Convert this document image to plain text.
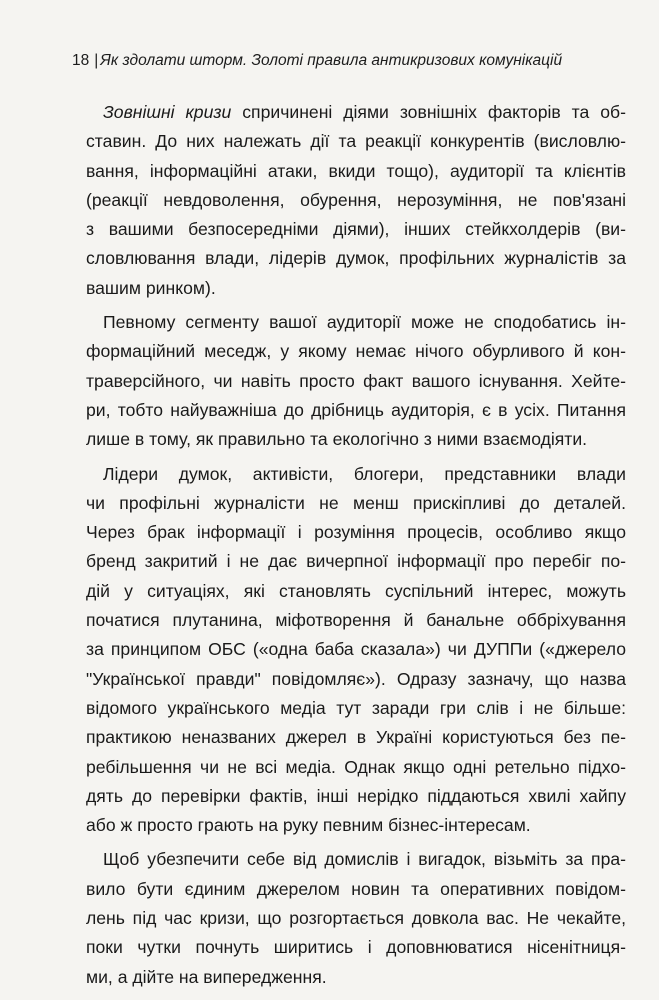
18 | Як здолати шторм. Золоті правила антикризових комунікацій
Зовнішні кризи спричинені діями зовнішніх факторів та об-
ставин. До них належать дії та реакції конкурентів (висловлю-
вання, інформаційні атаки, вкиди тощо), аудиторії та клієнтів
(реакції невдоволення, обурення, нерозуміння, не пов'язані
з вашими безпосередніми діями), інших стейкхолдерів (ви-
словлювання влади, лідерів думок, профільних журналістів за
вашим ринком).
Певному сегменту вашої аудиторії може не сподобатись ін-
формаційний меседж, у якому немає нічого обурливого й кон-
траверсійного, чи навіть просто факт вашого існування. Хейте-
ри, тобто найуважніша до дрібниць аудиторія, є в усіх. Питання
лише в тому, як правильно та екологічно з ними взаємодіяти.
Лідери думок, активісти, блогери, представники влади
чи профільні журналісти не менш прискіпливі до деталей.
Через брак інформації і розуміння процесів, особливо якщо
бренд закритий і не дає вичерпної інформації про перебіг по-
дій у ситуаціях, які становлять суспільний інтерес, можуть
початися плутанина, міфотворення й банальне оббріхування
за принципом ОБС («одна баба сказала») чи ДУППи («джерело
"Української правди" повідомляє»). Одразу зазначу, що назва
відомого українського медіа тут заради гри слів і не більше:
практикою неназваних джерел в Україні користуються без пе-
ребільшення чи не всі медіа. Однак якщо одні ретельно підхо-
дять до перевірки фактів, інші нерідко піддаються хвилі хайпу
або ж просто грають на руку певним бізнес-інтересам.
Щоб убезпечити себе від домислів і вигадок, візьміть за пра-
вило бути єдиним джерелом новин та оперативних повідом-
лень під час кризи, що розгортається довкола вас. Не чекайте,
поки чутки почнуть ширитись і доповнюватися нісенітниця-
ми, а дійте на випередження.
